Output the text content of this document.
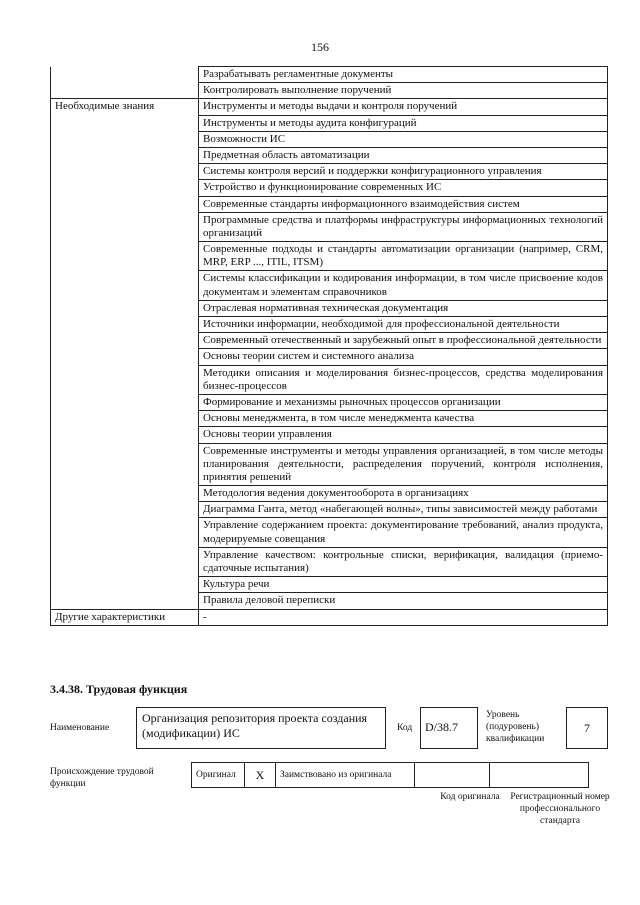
156
	Разрабатывать регламентные документы
	Контролировать выполнение поручений
Необходимые знания	Инструменты и методы выдачи и контроля поручений
	Инструменты и методы аудита конфигураций
	Возможности ИС
	Предметная область автоматизации
	Системы контроля версий и поддержки конфигурационного управления
	Устройство и функционирование современных ИС
	Современные стандарты информационного взаимодействия систем
	Программные средства и платформы инфраструктуры информационных технологий организаций
	Современные подходы и стандарты автоматизации организации (например, CRM, MRP, ERP ..., ITIL, ITSM)
	Системы классификации и кодирования информации, в том числе присвоение кодов документам и элементам справочников
	Отраслевая нормативная техническая документация
	Источники информации, необходимой для профессиональной деятельности
	Современный отечественный и зарубежный опыт в профессиональной деятельности
	Основы теории систем и системного анализа
	Методики описания и моделирования бизнес-процессов, средства моделирования бизнес-процессов
	Формирование и механизмы рыночных процессов организации
	Основы менеджмента, в том числе менеджмента качества
	Основы теории управления
	Современные инструменты и методы управления организацией, в том числе методы планирования деятельности, распределения поручений, контроля исполнения, принятия решений
	Методология ведения документооборота в организациях
	Диаграмма Ганта, метод «набегающей волны», типы зависимостей между работами
	Управление содержанием проекта: документирование требований, анализ продукта, модерируемые совещания
	Управление качеством: контрольные списки, верификация, валидация (приемо-сдаточные испытания)
	Культура речи
	Правила деловой переписки
Другие характеристики	-
3.4.38. Трудовая функция
Наименование
Организация репозитория проекта создания (модификации) ИС	Код	D/38.7
Уровень (подуровень) квалификации
7
Происхождение трудовой функции
Оригинал	X	Заимствовано из оригинала
Код оригинала Регистрационный номер профессионального стандарта
